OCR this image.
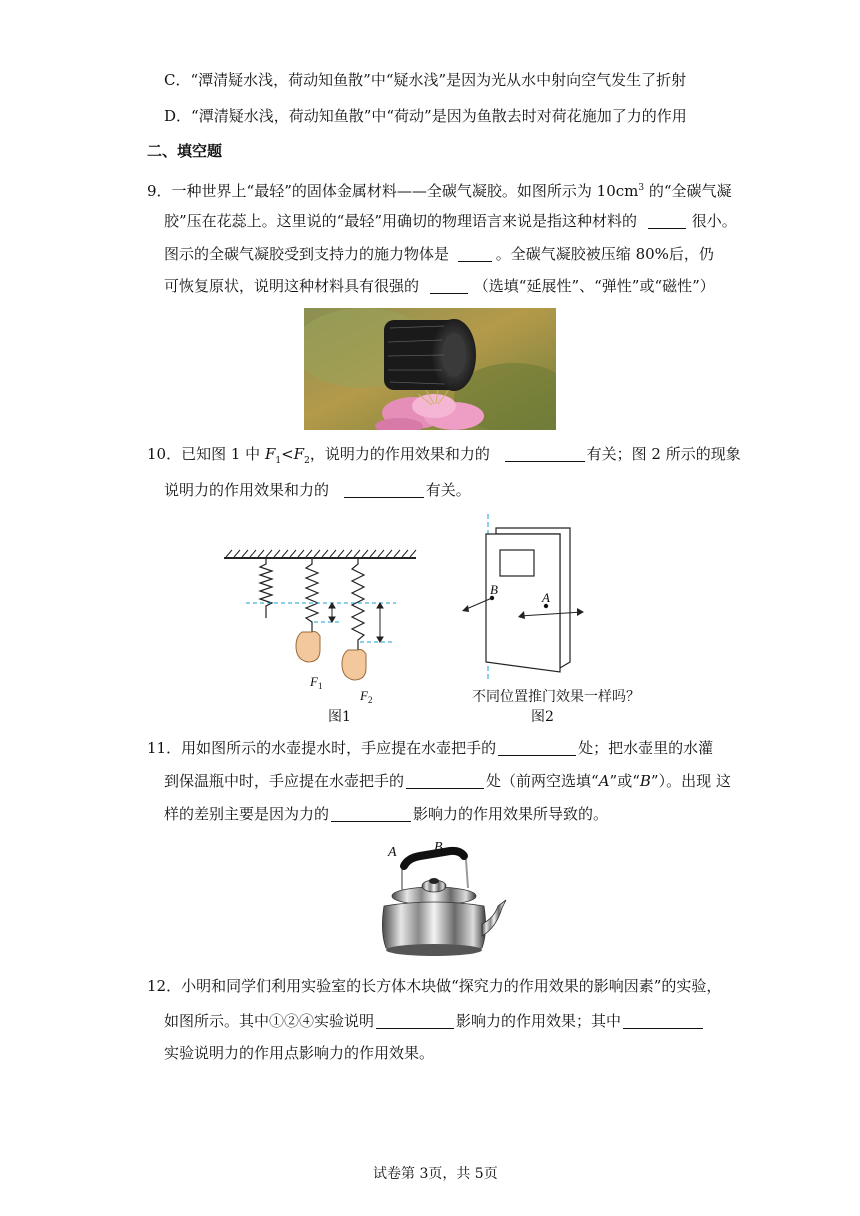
C．“潭清疑水浅，荷动知鱼散”中“疑水浅”是因为光从水中射向空气发生了折射
D．“潭清疑水浅，荷动知鱼散”中“荷动”是因为鱼散去时对荷花施加了力的作用
二、填空题
9．一种世界上“最轻”的固体金属材料——全碳气凝胶。如图所示为 $10cm^3$ 的“全碳气凝
胶”压在花蕊上。这里说的“最轻”用确切的物理语言来说是指这种材料的	很小。
图示的全碳气凝胶受到支持力的施力物体是	。全碳气凝胶被压缩 80%后，仍
可恢复原状，说明这种材料具有很强的	（选填“延展性”、“弹性”或“磁性”）
10．已知图 1 中 $F_1<F_2$，说明力的作用效果和力的	有关；图 2 所示的现象
说明力的作用效果和力的	有关。
$F_1$
$F_2$
图1
B
A
不同位置推门效果一样吗？
图2
11．用如图所示的水壶提水时，手应提在水壶把手的	处；把水壶里的水灌
到保温瓶中时，手应提在水壶把手的	处（前两空选填“A”或“B”）。出现 这
样的差别主要是因为力的	影响力的作用效果所导致的。
A	B
12．小明和同学们利用实验室的长方体木块做“探究力的作用效果的影响因素”的实验，
如图所示。其中①②④实验说明	影响力的作用效果；其中
实验说明力的作用点影响力的作用效果。
试卷第 3页，共 5页
